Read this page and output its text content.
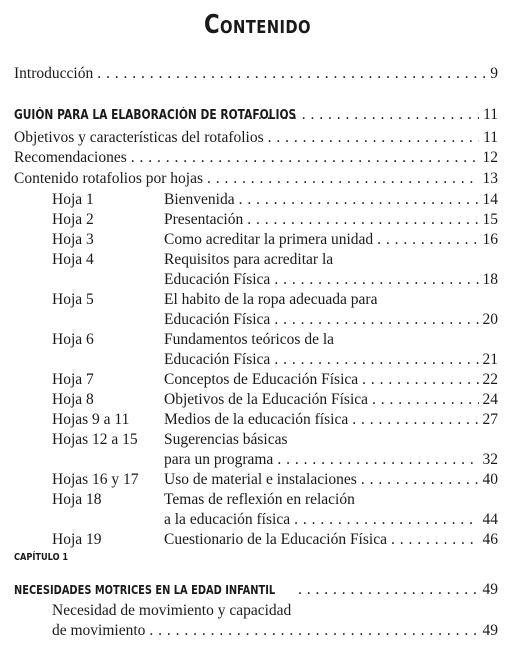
Contenido
Introducción . . .	9
GUIÓN PARA LA ELABORACIÓN DE ROTAFOLIOS . . .	11
Objetivos y características del rotafolios . . .	11
Recomendaciones . . .	12
Contenido rotafolios por hojas . . .	13
Hoja 1	Bienvenida . . .	14
Hoja 2	Presentación . . .	15
Hoja 3	Como acreditar la primera unidad . . .	16
Hoja 4	Requisitos para acreditar la
Educación Física . . .	18
Hoja 5	El habito de la ropa adecuada para
Educación Física . . .	20
Hoja 6	Fundamentos teóricos de la
Educación Física . . .	21
Hoja 7	Conceptos de Educación Física . . .	22
Hoja 8	Objetivos de la Educación Física . . .	24
Hojas 9 a 11 Medios de la educación física . . .	27
Hojas 12 a 15 Sugerencias básicas
para un programa . . .	32
Hojas 16 y 17 Uso de material e instalaciones . . .	40
Hoja 18	Temas de reflexión en relación
a la educación física . . .	44
Hoja 19	Cuestionario de la Educación Física . . .	46
CAPÍTULO 1
NECESIDADES MOTRICES EN LA EDAD INFANTIL . . .	49
Necesidad de movimiento y capacidad
de movimiento . . .	49
